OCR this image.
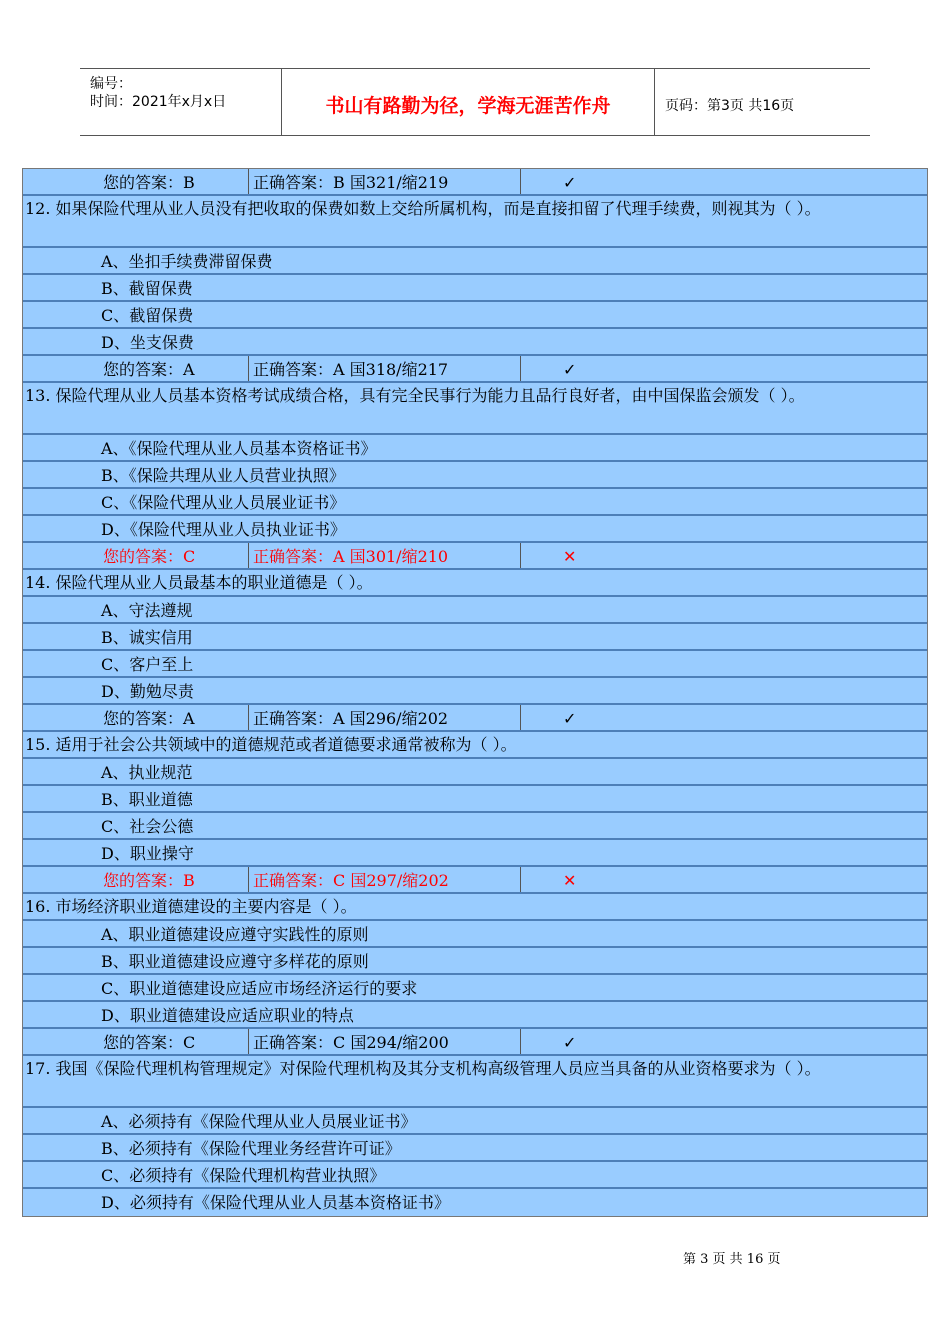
编号：
时间：2021年x月x日	书山有路勤为径，学海无涯苦作舟	页码：第3页 共16页
您的答案：B	正确答案：B 国321/缩219	✓
12. 如果保险代理从业人员没有把收取的保费如数上交给所属机构，而是直接扣留了代理手续费，则视其为（ ）。
A、坐扣手续费滞留保费
B、截留保费
C、截留保费
D、坐支保费
您的答案：A	正确答案：A 国318/缩217	✓
13. 保险代理从业人员基本资格考试成绩合格，具有完全民事行为能力且品行良好者，由中国保监会颁发（ ）。
A、《保险代理从业人员基本资格证书》
B、《保险共理从业人员营业执照》
C、《保险代理从业人员展业证书》
D、《保险代理从业人员执业证书》
您的答案：C	正确答案：A 国301/缩210	✕
14. 保险代理从业人员最基本的职业道德是（ ）。
A、守法遵规
B、诚实信用
C、客户至上
D、勤勉尽责
您的答案：A	正确答案：A 国296/缩202	✓
15. 适用于社会公共领域中的道德规范或者道德要求通常被称为（ ）。
A、执业规范
B、职业道德
C、社会公德
D、职业操守
您的答案：B	正确答案：C 国297/缩202	✕
16. 市场经济职业道德建设的主要内容是（ ）。
A、职业道德建设应遵守实践性的原则
B、职业道德建设应遵守多样花的原则
C、职业道德建设应适应市场经济运行的要求
D、职业道德建设应适应职业的特点
您的答案：C	正确答案：C 国294/缩200	✓
17. 我国《保险代理机构管理规定》对保险代理机构及其分支机构高级管理人员应当具备的从业资格要求为（ ）。
A、必须持有《保险代理从业人员展业证书》
B、必须持有《保险代理业务经营许可证》
C、必须持有《保险代理机构营业执照》
D、必须持有《保险代理从业人员基本资格证书》
第 3 页 共 16 页
